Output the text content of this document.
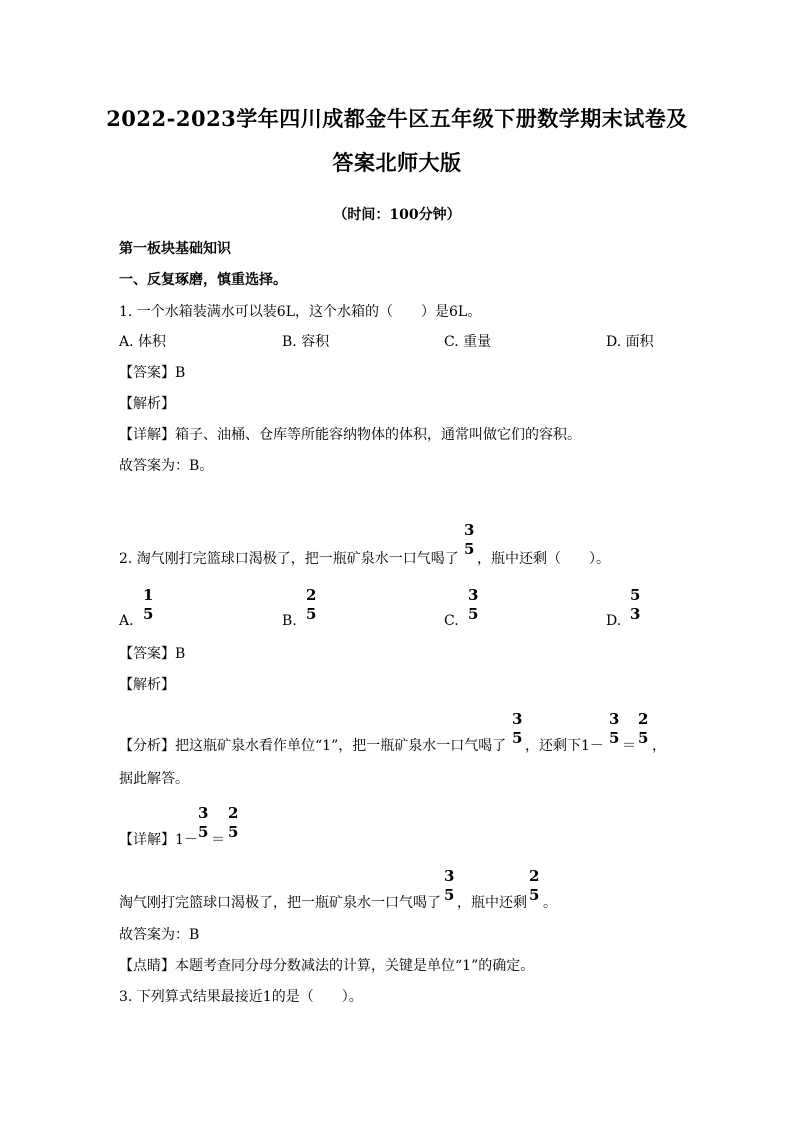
2022-2023学年四川成都金牛区五年级下册数学期末试卷及
答案北师大版
（时间：100分钟）
第一板块基础知识
一、反复琢磨，慎重选择。
1. 一个水箱装满水可以装6L，这个水箱的（　　）是6L。
A. 体积	B. 容积	C. 重量	D. 面积
【答案】B
【解析】
【详解】箱子、油桶、仓库等所能容纳物体的体积，通常叫做它们的容积。
故答案为：B。
2. 淘气刚打完篮球口渴极了，把一瓶矿泉水一口气喝了
3
5
，瓶中还剩（　　）。
A.
1
5	B.
2
5	C.
3
5	D.
5
3
【答案】B
【解析】
【分析】把这瓶矿泉水看作单位“1”，把一瓶矿泉水一口气喝了
3
5 ，还剩下1－
3
5 ＝
2
5 ，
据此解答。
【详解】1－
3
5 ＝
2
5
淘气刚打完篮球口渴极了，把一瓶矿泉水一口气喝了
3
5 ，瓶中还剩
2
5 。
故答案为：B
【点睛】本题考查同分母分数减法的计算，关键是单位“1”的确定。
3. 下列算式结果最接近1的是（　　）。
